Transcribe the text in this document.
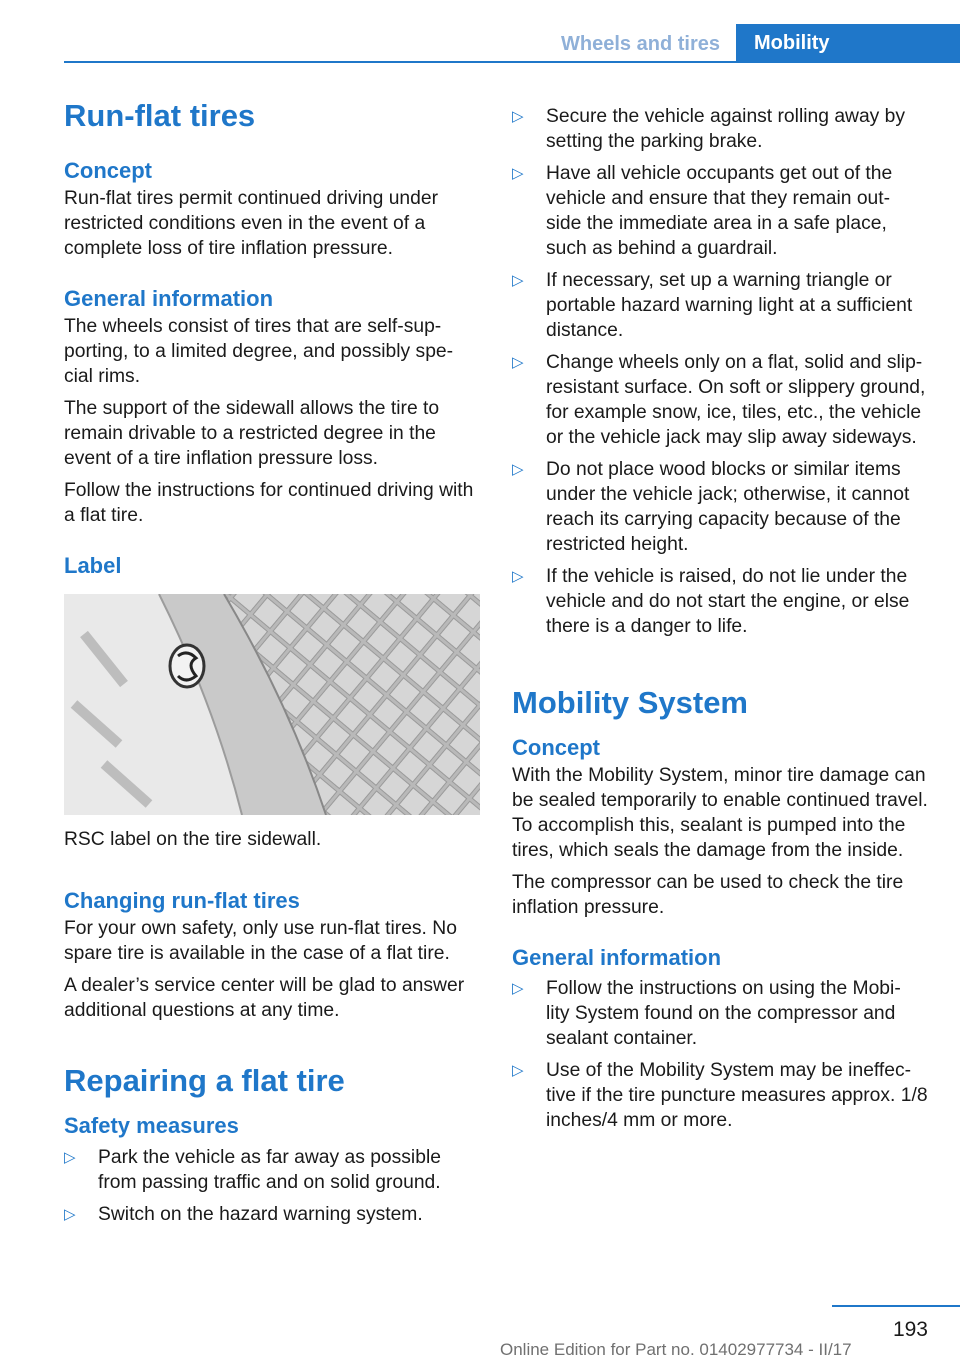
Wheels and tires	Mobility
Run-flat tires
Concept

Run-flat tires permit continued driving under restricted conditions even in the event of a complete loss of tire inflation pressure.

General information

The wheels consist of tires that are self-sup‐ porting, to a limited degree, and possibly spe‐ cial rims.

The support of the sidewall allows the tire to remain drivable to a restricted degree in the event of a tire inflation pressure loss.

Follow the instructions for continued driving with a flat tire.

Label

RSC label on the tire sidewall.

Changing run-flat tires

For your own safety, only use run-flat tires. No spare tire is available in the case of a flat tire.

A dealer’s service center will be glad to answer additional questions at any time.

Repairing a flat tire
Safety measures
▷ Park the vehicle as far away as possible from passing traffic and on solid ground.
▷ Switch on the hazard warning system.
▷ Secure the vehicle against rolling away by setting the parking brake.
▷ Have all vehicle occupants get out of the vehicle and ensure that they remain out‐ side the immediate area in a safe place, such as behind a guardrail.
▷ If necessary, set up a warning triangle or portable hazard warning light at a sufficient distance.
▷ Change wheels only on a flat, solid and slip-resistant surface. On soft or slippery ground, for example snow, ice, tiles, etc., the vehicle or the vehicle jack may slip away sideways.
▷ Do not place wood blocks or similar items under the vehicle jack; otherwise, it cannot reach its carrying capacity because of the restricted height.
▷ If the vehicle is raised, do not lie under the vehicle and do not start the engine, or else there is a danger to life.
Mobility System
Concept

With the Mobility System, minor tire damage can be sealed temporarily to enable continued travel. To accomplish this, sealant is pumped into the tires, which seals the damage from the inside.

The compressor can be used to check the tire inflation pressure.

General information
▷ Follow the instructions on using the Mobi‐ lity System found on the compressor and sealant container.
▷ Use of the Mobility System may be ineffec‐ tive if the tire puncture measures approx. 1/8 inches/4 mm or more.
193
Online Edition for Part no. 01402977734 - II/17
